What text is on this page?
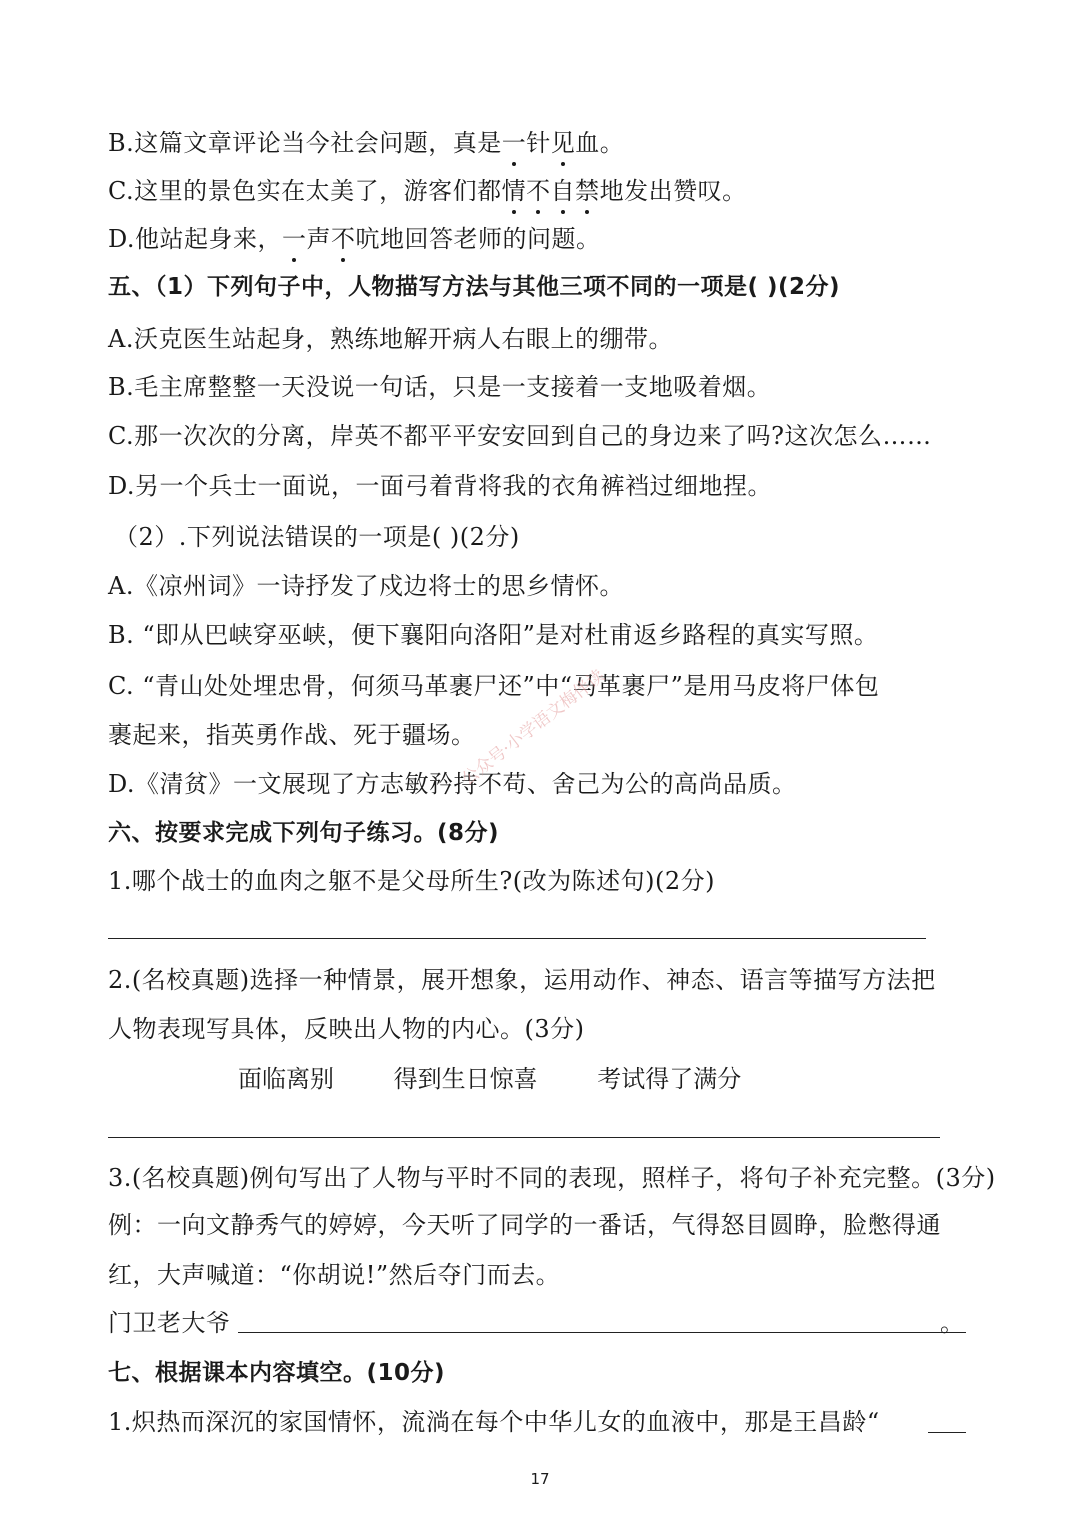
B.这篇文章评论当今社会问题，真是一针见血。
C.这里的景色实在太美了，游客们都情不自禁地发出赞叹。
D.他站起身来，一声不吭地回答老师的问题。
五、（1）下列句子中，人物描写方法与其他三项不同的一项是( )(2分)
A.沃克医生站起身，熟练地解开病人右眼上的绷带。
B.毛主席整整一天没说一句话，只是一支接着一支地吸着烟。
C.那一次次的分离，岸英不都平平安安回到自己的身边来了吗?这次怎么……
D.另一个兵士一面说，一面弓着背将我的衣角裤裆过细地捏。
（2）.下列说法错误的一项是( )(2分)
A.《凉州词》一诗抒发了戍边将士的思乡情怀。
B. “即从巴峡穿巫峡，便下襄阳向洛阳”是对杜甫返乡路程的真实写照。
C. “青山处处埋忠骨，何须马革裹尸还”中“马革裹尸”是用马皮将尸体包
裹起来，指英勇作战、死于疆场。
D.《清贫》一文展现了方志敏矜持不苟、舍己为公的高尚品质。
公众号·小学语文梅伴读
六、按要求完成下列句子练习。(8分)
1.哪个战士的血肉之躯不是父母所生?(改为陈述句)(2分)
2.(名校真题)选择一种情景，展开想象，运用动作、神态、语言等描写方法把
人物表现写具体，反映出人物的内心。(3分)
面临离别 得到生日惊喜 考试得了满分
3.(名校真题)例句写出了人物与平时不同的表现，照样子，将句子补充完整。(3分)
例：一向文静秀气的婷婷，今天听了同学的一番话，气得怒目圆睁，脸憋得通
红，大声喊道：“你胡说!”然后夺门而去。
门卫老大爷	。
七、根据课本内容填空。(10分)
1.炽热而深沉的家国情怀，流淌在每个中华儿女的血液中，那是王昌龄“
17
